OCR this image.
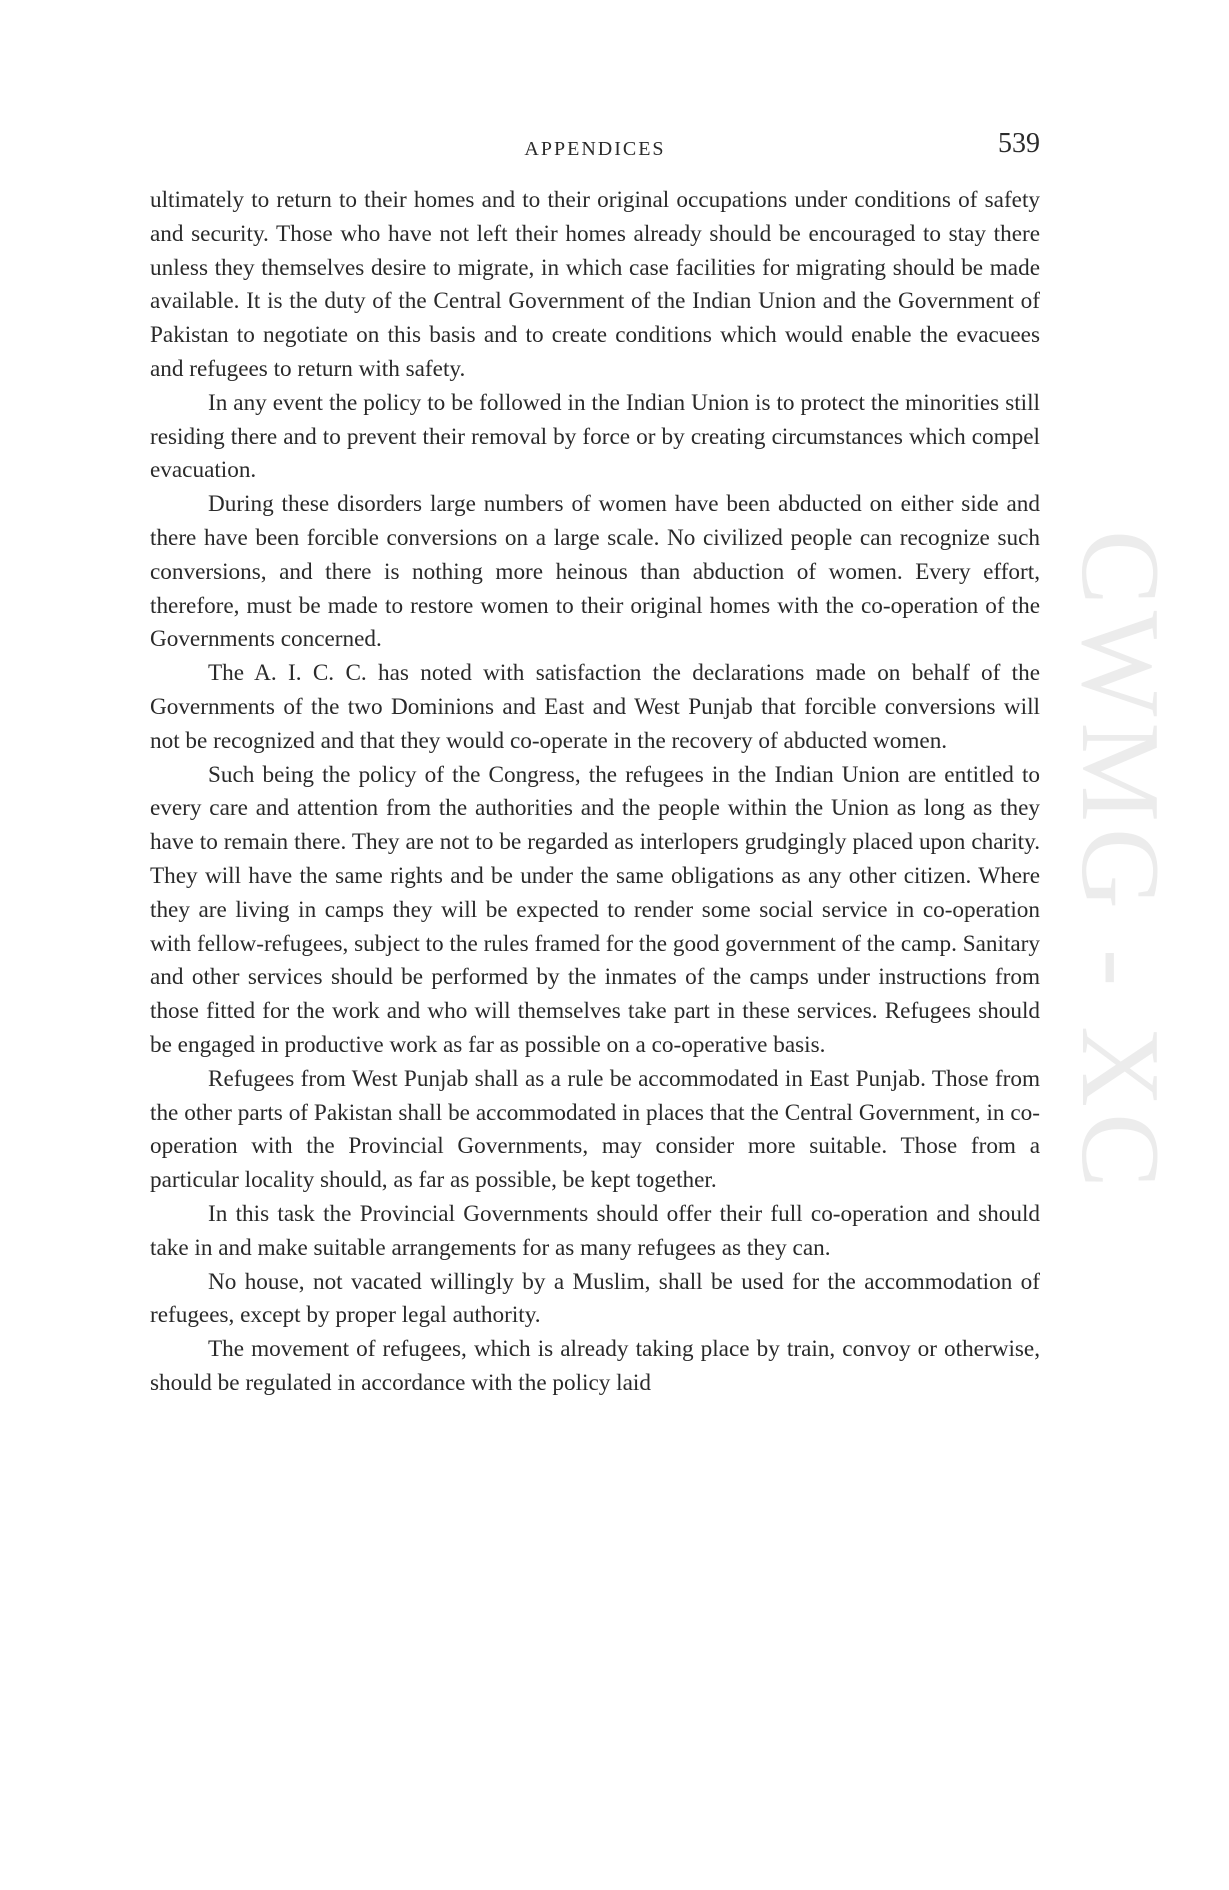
APPENDICES	539
CWMG - XC

ultimately to return to their homes and to their original occupations under conditions of safety and security. Those who have not left their homes already should be encouraged to stay there unless they themselves desire to migrate, in which case facilities for migrating should be made available. It is the duty of the Central Government of the Indian Union and the Government of Pakistan to negotiate on this basis and to create conditions which would enable the evacuees and refugees to return with safety.

In any event the policy to be followed in the Indian Union is to protect the minorities still residing there and to prevent their removal by force or by creating circumstances which compel evacuation.

During these disorders large numbers of women have been abducted on either side and there have been forcible conversions on a large scale. No civilized people can recognize such conversions, and there is nothing more heinous than abduction of women. Every effort, therefore, must be made to restore women to their original homes with the co-operation of the Governments concerned.

The A. I. C. C. has noted with satisfaction the declarations made on behalf of the Governments of the two Dominions and East and West Punjab that forcible conversions will not be recognized and that they would co-operate in the recovery of abducted women.

Such being the policy of the Congress, the refugees in the Indian Union are entitled to every care and attention from the authorities and the people within the Union as long as they have to remain there. They are not to be regarded as interlopers grudgingly placed upon charity. They will have the same rights and be under the same obligations as any other citizen. Where they are living in camps they will be expected to render some social service in co-operation with fellow-refugees, subject to the rules framed for the good government of the camp. Sanitary and other services should be performed by the inmates of the camps under instructions from those fitted for the work and who will themselves take part in these services. Refugees should be engaged in productive work as far as possible on a co-operative basis.

Refugees from West Punjab shall as a rule be accommodated in East Punjab. Those from the other parts of Pakistan shall be accommodated in places that the Central Government, in co-operation with the Provincial Governments, may consider more suitable. Those from a particular locality should, as far as possible, be kept together.

In this task the Provincial Governments should offer their full co-operation and should take in and make suitable arrangements for as many refugees as they can.

No house, not vacated willingly by a Muslim, shall be used for the accommodation of refugees, except by proper legal authority.

The movement of refugees, which is already taking place by train, convoy or otherwise, should be regulated in accordance with the policy laid
